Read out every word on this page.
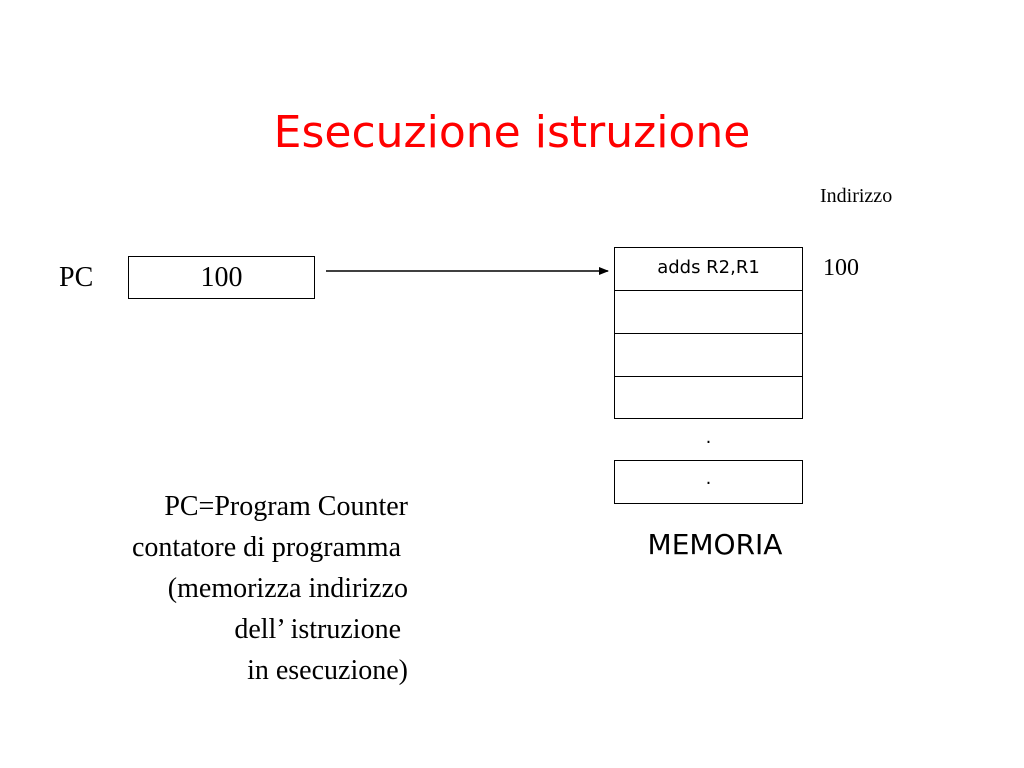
Esecuzione istruzione
Indirizzo
PC	100	adds R2,R1
.
.
100
MEMORIA
PC=Program Counter
contatore di programma
(memorizza indirizzo
dell’ istruzione
in esecuzione)
